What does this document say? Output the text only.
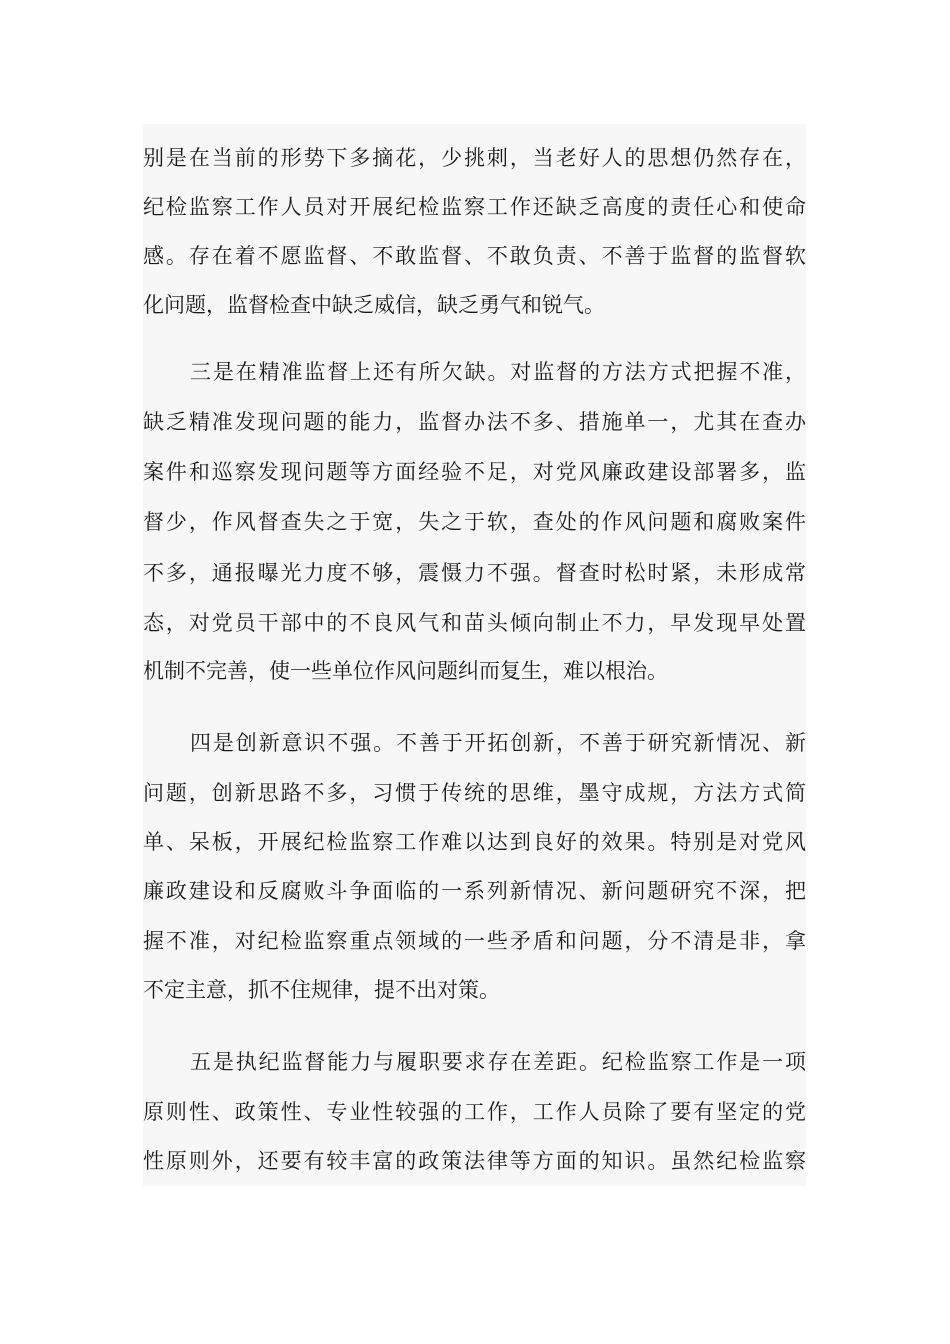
别是在当前的形势下多摘花，少挑刺，当老好人的思想仍然存在，
纪检监察工作人员对开展纪检监察工作还缺乏高度的责任心和使命
感。存在着不愿监督、不敢监督、不敢负责、不善于监督的监督软
化问题，监督检查中缺乏威信，缺乏勇气和锐气。
三是在精准监督上还有所欠缺。对监督的方法方式把握不准，
缺乏精准发现问题的能力，监督办法不多、措施单一，尤其在查办
案件和巡察发现问题等方面经验不足，对党风廉政建设部署多，监
督少，作风督查失之于宽，失之于软，查处的作风问题和腐败案件
不多，通报曝光力度不够，震慑力不强。督查时松时紧，未形成常
态，对党员干部中的不良风气和苗头倾向制止不力，早发现早处置
机制不完善，使一些单位作风问题纠而复生，难以根治。
四是创新意识不强。不善于开拓创新，不善于研究新情况、新
问题，创新思路不多，习惯于传统的思维，墨守成规，方法方式简
单、呆板，开展纪检监察工作难以达到良好的效果。特别是对党风
廉政建设和反腐败斗争面临的一系列新情况、新问题研究不深，把
握不准，对纪检监察重点领域的一些矛盾和问题，分不清是非，拿
不定主意，抓不住规律，提不出对策。
五是执纪监督能力与履职要求存在差距。纪检监察工作是一项
原则性、政策性、专业性较强的工作，工作人员除了要有坚定的党
性原则外，还要有较丰富的政策法律等方面的知识。虽然纪检监察
